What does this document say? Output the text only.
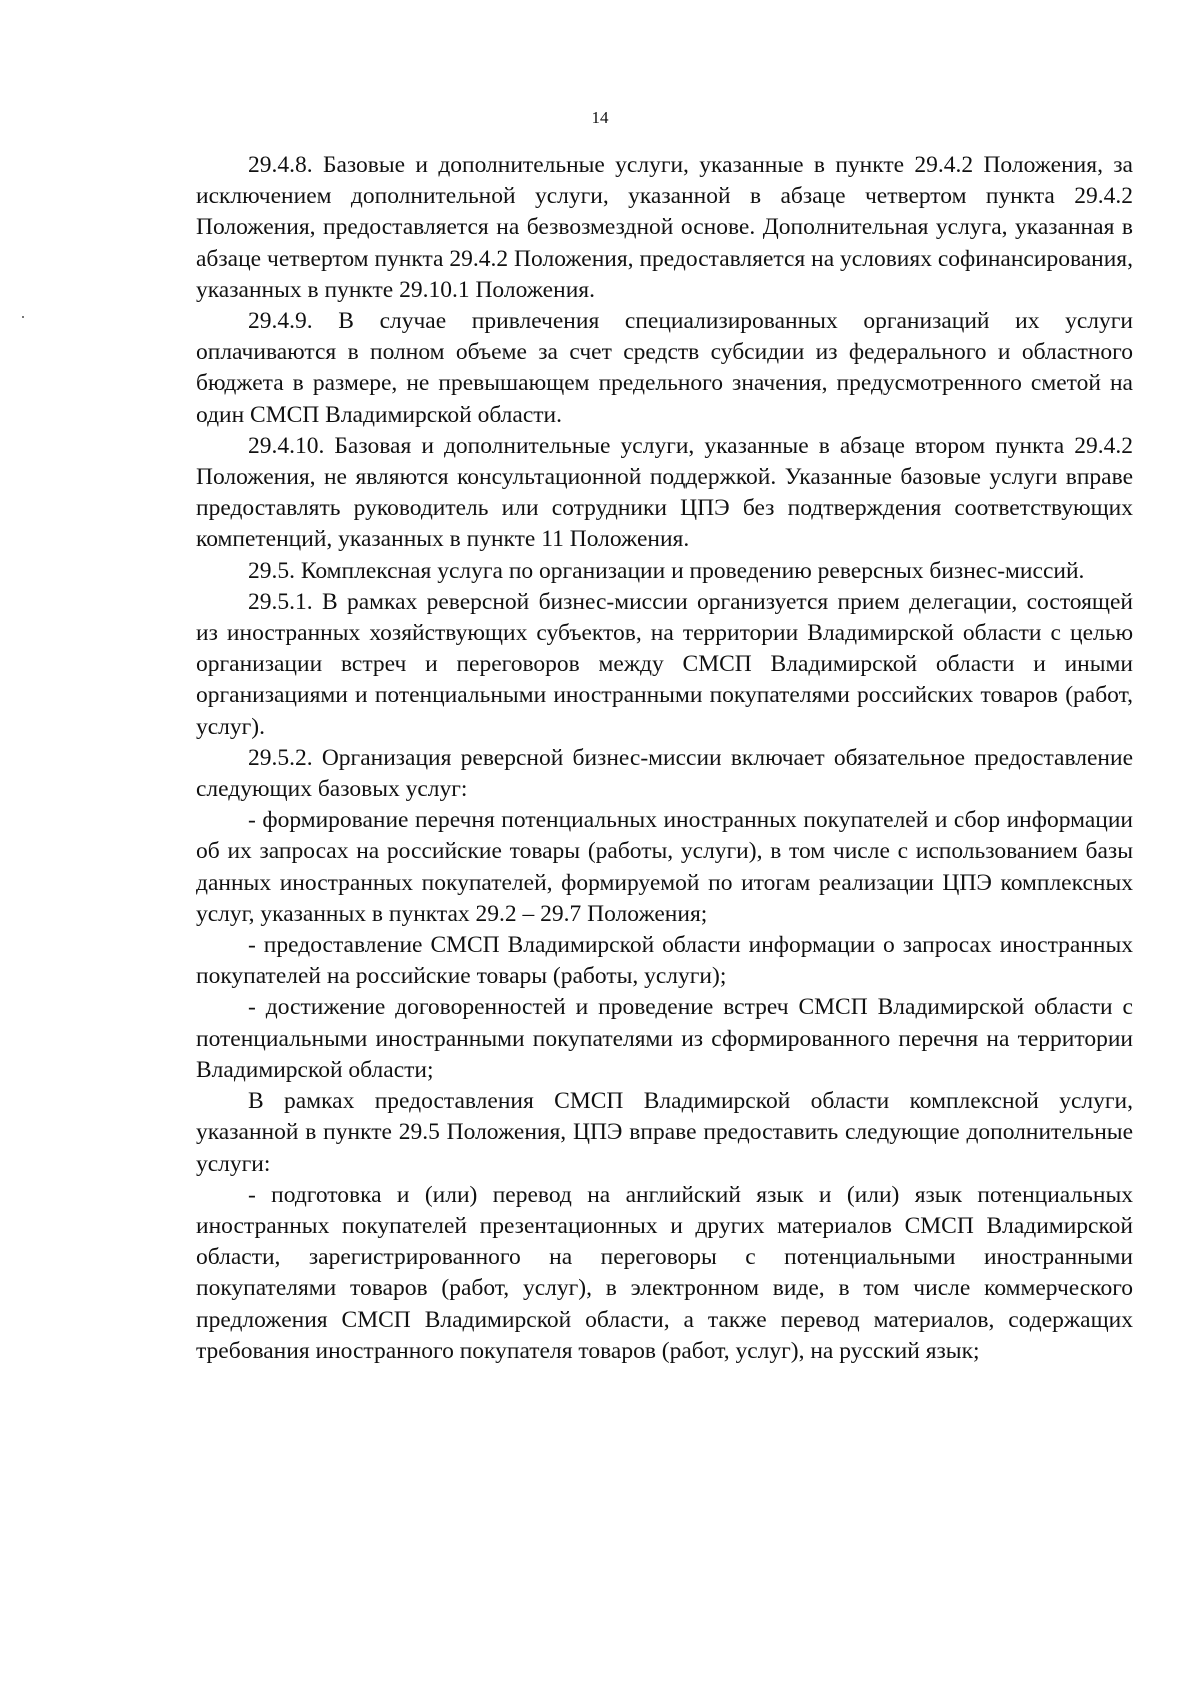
14

29.4.8. Базовые и дополнительные услуги, указанные в пункте 29.4.2 Положения, за исключением дополнительной услуги, указанной в абзаце четвертом пункта 29.4.2 Положения, предоставляется на безвозмездной основе. Дополнительная услуга, указанная в абзаце четвертом пункта 29.4.2 Положения, предоставляется на условиях софинансирования, указанных в пункте 29.10.1 Положения.

29.4.9. В случае привлечения специализированных организаций их услуги оплачиваются в полном объеме за счет средств субсидии из федерального и областного бюджета в размере, не превышающем предельного значения, предусмотренного сметой на один СМСП Владимирской области.

29.4.10. Базовая и дополнительные услуги, указанные в абзаце втором пункта 29.4.2 Положения, не являются консультационной поддержкой. Указанные базовые услуги вправе предоставлять руководитель или сотрудники ЦПЭ без подтверждения соответствующих компетенций, указанных в пункте 11 Положения.

29.5. Комплексная услуга по организации и проведению реверсных бизнес-миссий.

29.5.1. В рамках реверсной бизнес-миссии организуется прием делегации, состоящей из иностранных хозяйствующих субъектов, на территории Владимирской области с целью организации встреч и переговоров между СМСП Владимирской области и иными организациями и потенциальными иностранными покупателями российских товаров (работ, услуг).

29.5.2. Организация реверсной бизнес-миссии включает обязательное предоставление следующих базовых услуг:

- формирование перечня потенциальных иностранных покупателей и сбор информации об их запросах на российские товары (работы, услуги), в том числе с использованием базы данных иностранных покупателей, формируемой по итогам реализации ЦПЭ комплексных услуг, указанных в пунктах 29.2 – 29.7 Положения;

- предоставление СМСП Владимирской области информации о запросах иностранных покупателей на российские товары (работы, услуги);

- достижение договоренностей и проведение встреч СМСП Владимирской области с потенциальными иностранными покупателями из сформированного перечня на территории Владимирской области;

В рамках предоставления СМСП Владимирской области комплексной услуги, указанной в пункте 29.5 Положения, ЦПЭ вправе предоставить следующие дополнительные услуги:

- подготовка и (или) перевод на английский язык и (или) язык потенциальных иностранных покупателей презентационных и других материалов СМСП Владимирской области, зарегистрированного на переговоры с потенциальными иностранными покупателями товаров (работ, услуг), в электронном виде, в том числе коммерческого предложения СМСП Владимирской области, а также перевод материалов, содержащих требования иностранного покупателя товаров (работ, услуг), на русский язык;
